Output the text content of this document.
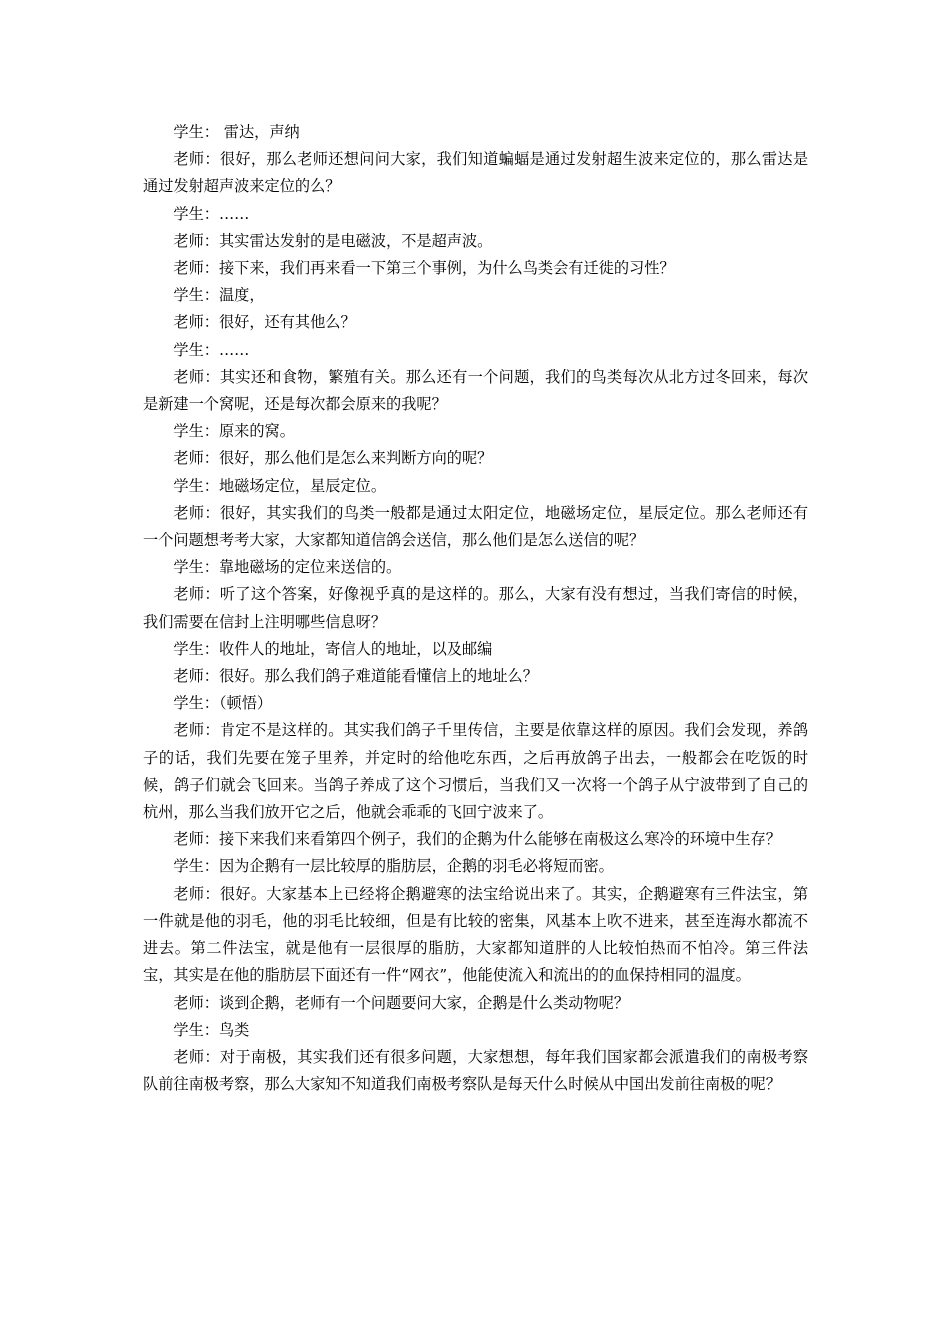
学生： 雷达，声纳

老师：很好，那么老师还想问问大家，我们知道蝙蝠是通过发射超生波来定位的，那么雷达是通过发射超声波来定位的么？

学生：……

老师：其实雷达发射的是电磁波，不是超声波。

老师：接下来，我们再来看一下第三个事例，为什么鸟类会有迁徙的习性？

学生：温度，

老师：很好，还有其他么？

学生：……

老师：其实还和食物，繁殖有关。那么还有一个问题，我们的鸟类每次从北方过冬回来，每次是新建一个窝呢，还是每次都会原来的我呢？

学生：原来的窝。

老师：很好，那么他们是怎么来判断方向的呢？

学生：地磁场定位，星辰定位。

老师：很好，其实我们的鸟类一般都是通过太阳定位，地磁场定位，星辰定位。那么老师还有一个问题想考考大家，大家都知道信鸽会送信，那么他们是怎么送信的呢？

学生：靠地磁场的定位来送信的。

老师：听了这个答案，好像视乎真的是这样的。那么，大家有没有想过，当我们寄信的时候，我们需要在信封上注明哪些信息呀？

学生：收件人的地址，寄信人的地址，以及邮编

老师：很好。那么我们鸽子难道能看懂信上的地址么？

学生：（顿悟）

老师：肯定不是这样的。其实我们鸽子千里传信，主要是依靠这样的原因。我们会发现，养鸽子的话，我们先要在笼子里养，并定时的给他吃东西，之后再放鸽子出去，一般都会在吃饭的时候，鸽子们就会飞回来。当鸽子养成了这个习惯后，当我们又一次将一个鸽子从宁波带到了自己的杭州，那么当我们放开它之后，他就会乖乖的飞回宁波来了。

老师：接下来我们来看第四个例子，我们的企鹅为什么能够在南极这么寒冷的环境中生存？

学生：因为企鹅有一层比较厚的脂肪层，企鹅的羽毛必将短而密。

老师：很好。大家基本上已经将企鹅避寒的法宝给说出来了。其实，企鹅避寒有三件法宝，第一件就是他的羽毛，他的羽毛比较细，但是有比较的密集，风基本上吹不进来，甚至连海水都流不进去。第二件法宝，就是他有一层很厚的脂肪，大家都知道胖的人比较怕热而不怕冷。第三件法宝，其实是在他的脂肪层下面还有一件“网衣”，他能使流入和流出的的血保持相同的温度。

老师：谈到企鹅，老师有一个问题要问大家，企鹅是什么类动物呢？

学生：鸟类

老师：对于南极，其实我们还有很多问题，大家想想，每年我们国家都会派遣我们的南极考察队前往南极考察，那么大家知不知道我们南极考察队是每天什么时候从中国出发前往南极的呢？
